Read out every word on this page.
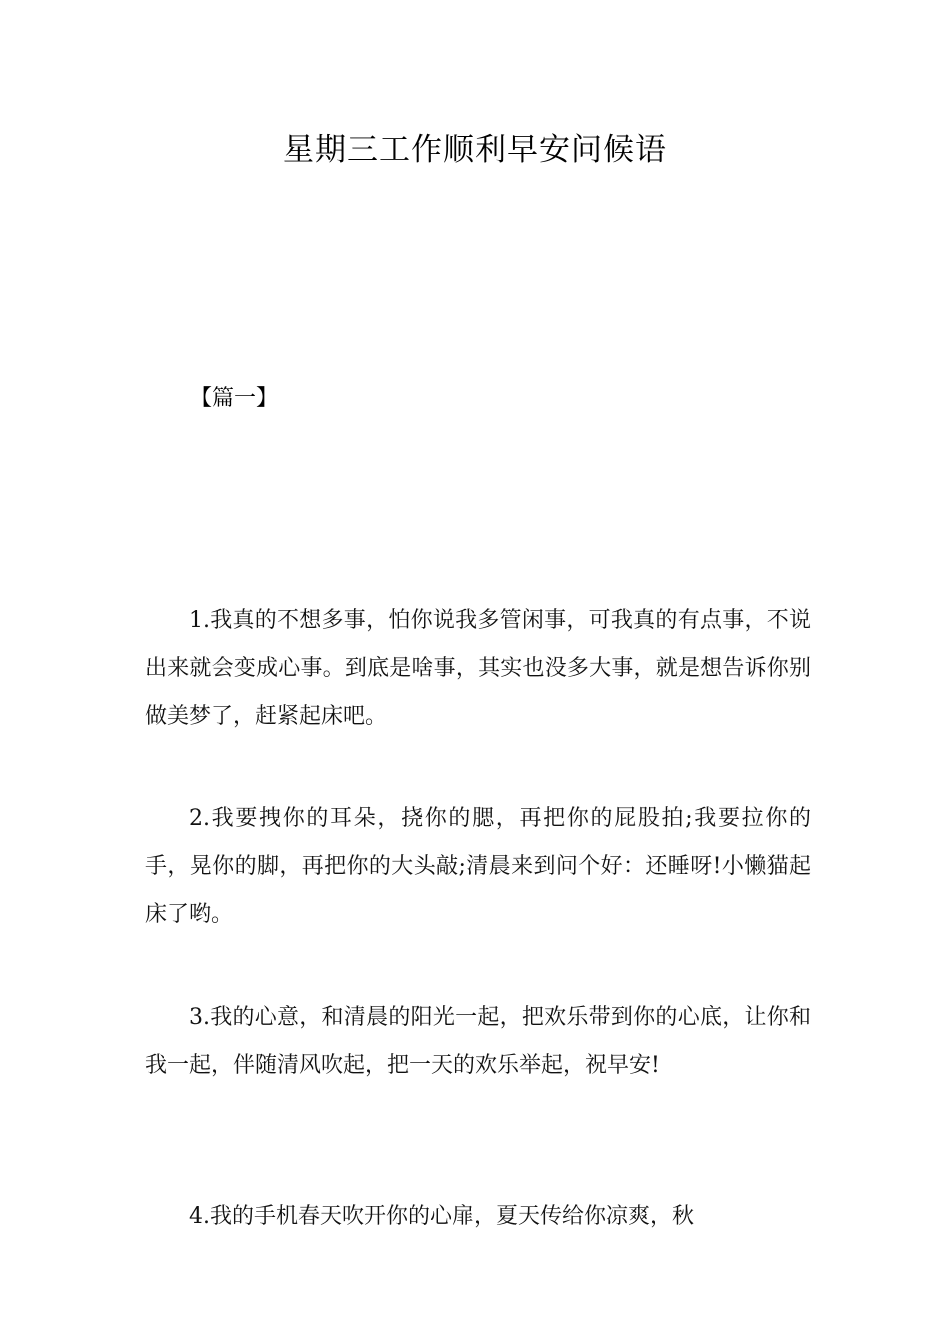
星期三工作顺利早安问候语
【篇一】

1.我真的不想多事，怕你说我多管闲事，可我真的有点事，不说出来就会变成心事。到底是啥事，其实也没多大事，就是想告诉你别做美梦了，赶紧起床吧。

2.我要拽你的耳朵，挠你的腮，再把你的屁股拍;我要拉你的手，晃你的脚，再把你的大头敲;清晨来到问个好：还睡呀!小懒猫起床了哟。

3.我的心意，和清晨的阳光一起，把欢乐带到你的心底，让你和我一起，伴随清风吹起，把一天的欢乐举起，祝早安!

4.我的手机春天吹开你的心扉，夏天传给你凉爽，秋
